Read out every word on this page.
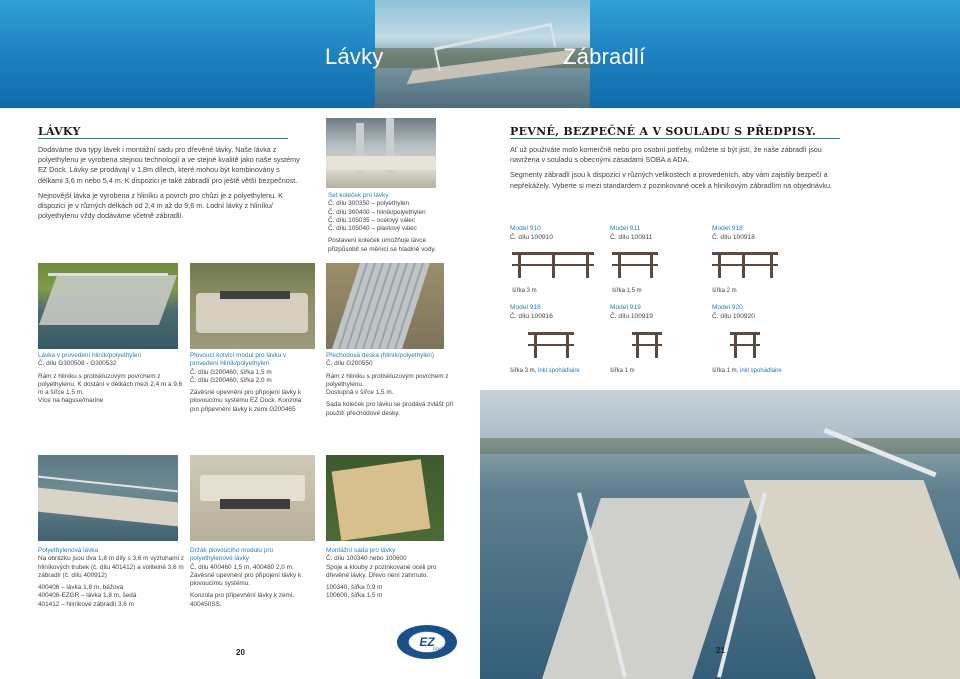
Lávky	Zábradlí
LÁVKY

Dodáváme dva typy lávek i montážní sadu pro dřevěné lávky. Naše lávka z polyethylenu je vyrobena stejnou technologií a ve stejné kvalitě jako naše systémy EZ Dock. Lávky se prodávají v 1,8m dílech, které mohou být kombinovány s délkami 3,6 m nebo 5,4 m. K dispozici je také zábradlí pro ještě větší bezpečnost.

Nejnovější lávka je vyrobena z hliníku a povrch pro chůzi je z polyethylenu. K dispozici je v různých délkách od 2,4 m až do 9,6 m. Lodní lávky z hliníku/ polyethylenu vždy dodáváme včetně zábradlí.

Set koleček pro lávky
Č. dílu 300350 – polyethylen
Č. dílu 300400 – hliník/polyethylen
Č. dílu 105035 – ocelový válec
Č. dílu 105040 – plastový válec
Postavení koleček umožňuje lávce přizpůsobit se měnící se hladině vody.
Lávka v provedení hliník/polyethylen
Č. dílu G300508 - G300532
Rám z hliníku s protiskluzovým povrchem z polyethylenu. K dostání v délkách mezi 2,4 m a 9,6 m a šířce 1,5 m.
Více na hagsse/marine
Plovoucí kotvicí modul pro lávku v provedení hliník/polyethylen
Č. dílu G200460, šířka 1,5 m
Č. dílu G200460, šířka 2,0 m
Závěsné upevnění pro připojení lávky k plovoucímu systému EZ Dock. Konzola pro připevnění lávky k zemi G200465
Přechodová deska (hliník/polyethylen)
Č. dílu G200550
Rám z hliníku s protiskluzovým povrchem z polyethylenu.
Dostupná v šířce 1,5 m.
Sada koleček pro lávku se prodává zvlášť při použití přechodové desky.
Polyethylenová lávka
Na obrázku jsou dva 1,8 m díly s 3,6 m výztuhami z hliníkových trubek (č. dílu 401412) a volitelné 3,6 m zábradlí (č. dílu 400912)
400406 – lávka 1,8 m, béžová
400406-EZGR – lávka 1,8 m, šedá
401412 – hliníkové zábradlí 3,6 m
Držák plovoucího modulu pro polyethylenové lávky
Č. dílu 400460 1,5 m, 400480 2,0 m.
Závěsné upevnění pro připojení lávky k plovoucímu systému.
Konzola pro připevnění lávky k zemi, 400450SS.
Montážní sada pro lávky
Č. dílu 100340 nebo 100600
Spoje a klouby z pozinkované oceli pro dřevěné lávky. Dřevo není zahrnuto.
100340, šířka 0,9 m
100600, šířka 1,5 m
20
EZ
DOCK
PEVNÉ, BEZPEČNÉ A V SOULADU S PŘEDPISY.

Ať už používáte molo komerčně nebo pro osobní potřeby, můžete si být jistí, že naše zábradlí jsou navržena v souladu s obecnými zásadami SOBA a ADA.

Segmenty zábradlí jsou k dispozici v různých velikostech a provedeních, aby vám zajistily bezpečí a nepřekážely. Vyberte si mezi standardem z pozinkované oceli a hliníkovým zábradlím na objednávku.

Model 910
Č. dílu 100910
Model 911
Č. dílu 100911
Model 918
Č. dílu 100918
šířka 3 m	šířka 1,5 m	šířka 2 m
Model 916
Č. dílu 100916
Model 919
Č. dílu 100919
Model 920
Č. dílu 100920
šířka 3 m, inkl spohádlaire	šířka 1 m	šířka 1 m, inkl spohádlaire
21
